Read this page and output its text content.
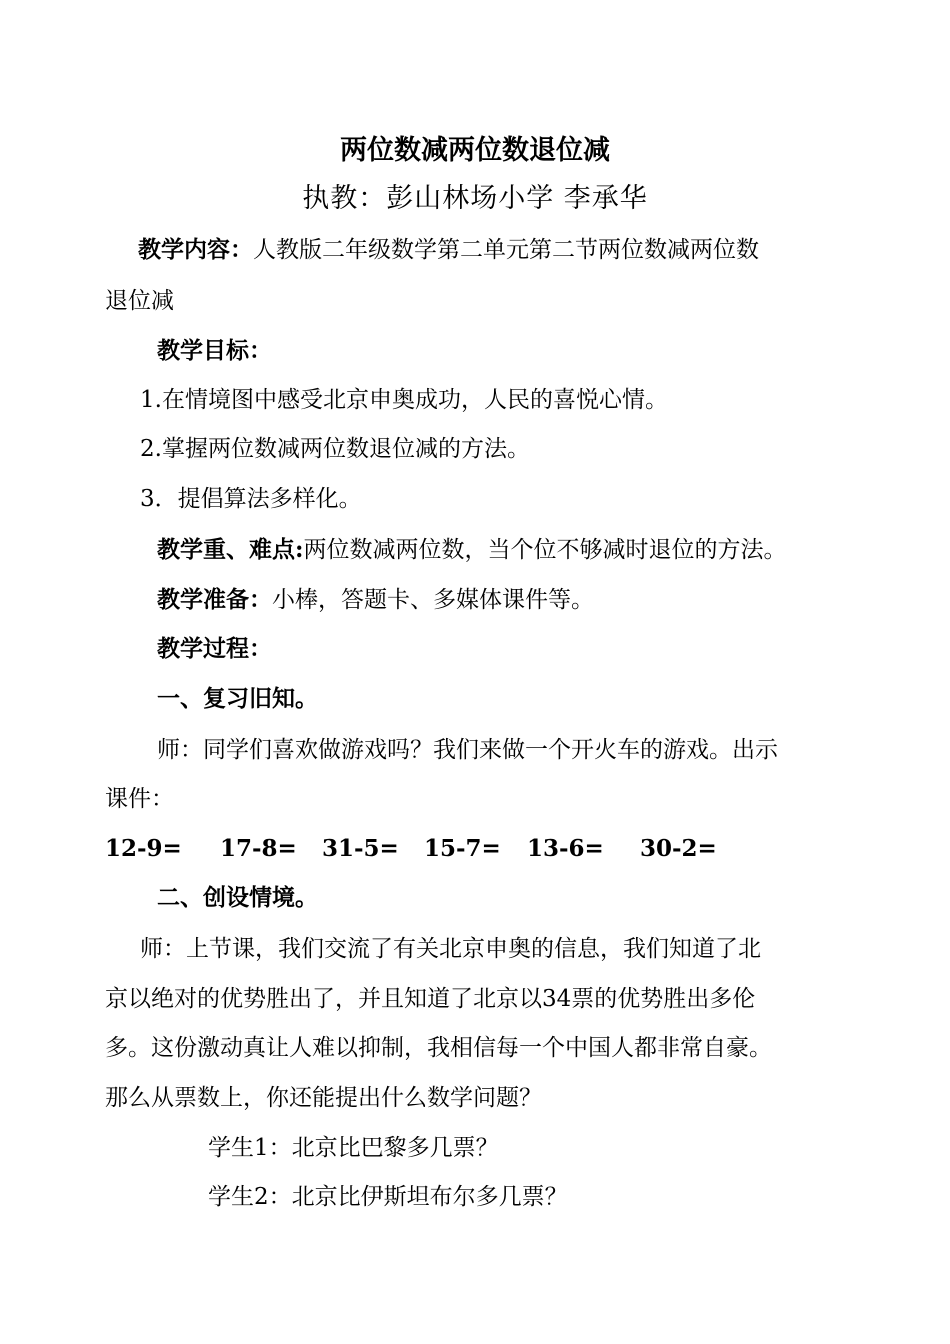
两位数减两位数退位减
执教：彭山林场小学 李承华
教学内容：人教版二年级数学第二单元第二节两位数减两位数
退位减
教学目标：
1.在情境图中感受北京申奥成功，人民的喜悦心情。
2.掌握两位数减两位数退位减的方法。
3．提倡算法多样化。
教学重、难点:两位数减两位数，当个位不够减时退位的方法。
教学准备：小棒，答题卡、多媒体课件等。
教学过程：
一、复习旧知。
师：同学们喜欢做游戏吗？我们来做一个开火车的游戏。出示
课件：
12-9= 17-8= 31-5= 15-7= 13-6= 30-2=
二、创设情境。
师：上节课，我们交流了有关北京申奥的信息，我们知道了北
京以绝对的优势胜出了，并且知道了北京以34票的优势胜出多伦
多。这份激动真让人难以抑制，我相信每一个中国人都非常自豪。
那么从票数上，你还能提出什么数学问题？
学生1：北京比巴黎多几票？
学生2：北京比伊斯坦布尔多几票？
